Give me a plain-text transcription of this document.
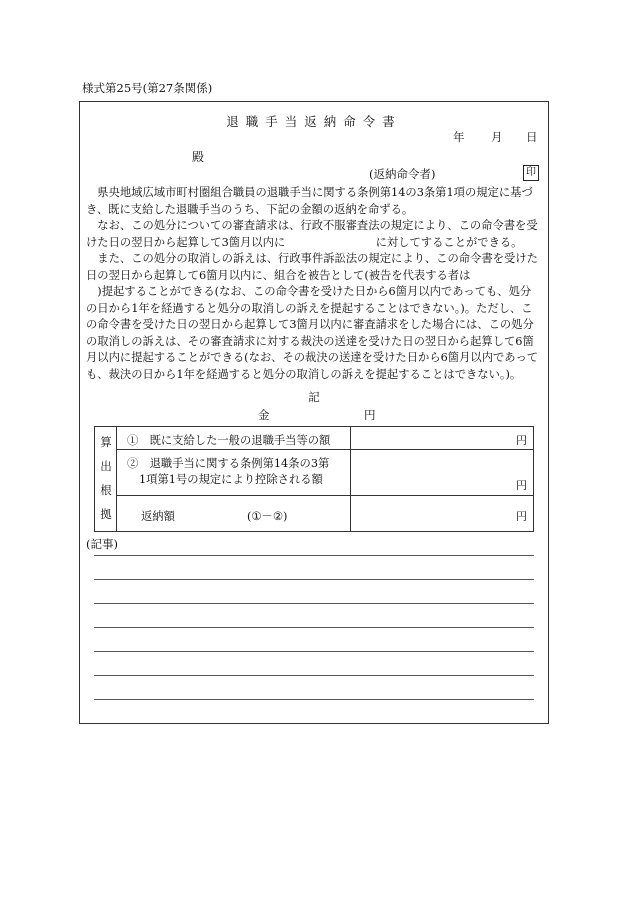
様式第25号(第27条関係)
退職手当返納命令書
年 月 日
殿
(返納命令者)	印
　県央地域広域市町村圏組合職員の退職手当に関する条例第14の3条第1項の規定に基づ
き、既に支給した退職手当のうち、下記の金額の返納を命ずる。
　なお、この処分についての審査請求は、行政不服審査法の規定により、この命令書を受
けた日の翌日から起算して3箇月以内に　　　　　　　　に対してすることができる。
　また、この処分の取消しの訴えは、行政事件訴訟法の規定により、この命令書を受けた
日の翌日から起算して6箇月以内に、組合を被告として(被告を代表する者は
　)提起することができる(なお、この命令書を受けた日から6箇月以内であっても、処分
の日から1年を経過すると処分の取消しの訴えを提起することはできない。)。ただし、こ
の命令書を受けた日の翌日から起算して3箇月以内に審査請求をした場合には、この処分
の取消しの訴えは、その審査請求に対する裁決の送達を受けた日の翌日から起算して6箇
月以内に提起することができる(なお、その裁決の送達を受けた日から6箇月以内であって
も、裁決の日から1年を経過すると処分の取消しの訴えを提起することはできない。)。
記
金	円
算
出
根
拠
①　既に支給した一般の退職手当等の額	円
②　退職手当に関する条例第14条の3第
1項第1号の規定により控除される額	円
返納額	(①－②)	円
(記事)
